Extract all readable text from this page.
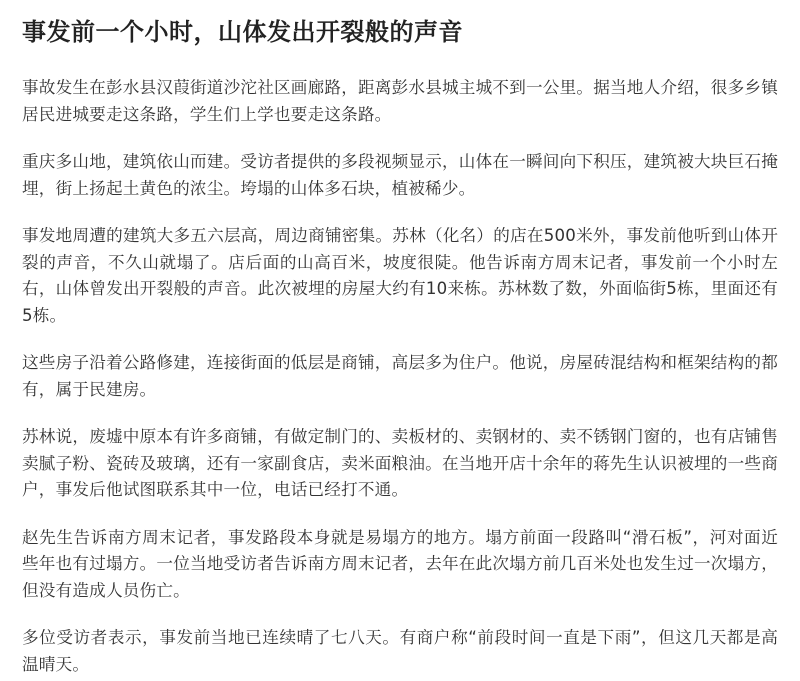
事发前一个小时，山体发出开裂般的声音

事故发生在彭水县汉葭街道沙沱社区画廊路，距离彭水县城主城不到一公里。据当地人介绍，很多乡镇居民进城要走这条路，学生们上学也要走这条路。

重庆多山地，建筑依山而建。受访者提供的多段视频显示，山体在一瞬间向下积压，建筑被大块巨石掩埋，街上扬起土黄色的浓尘。垮塌的山体多石块，植被稀少。

事发地周遭的建筑大多五六层高，周边商铺密集。苏林（化名）的店在500米外，事发前他听到山体开裂的声音，不久山就塌了。店后面的山高百米，坡度很陡。他告诉南方周末记者，事发前一个小时左右，山体曾发出开裂般的声音。此次被埋的房屋大约有10来栋。苏林数了数，外面临街5栋，里面还有5栋。

这些房子沿着公路修建，连接街面的低层是商铺，高层多为住户。他说，房屋砖混结构和框架结构的都有，属于民建房。

苏林说，废墟中原本有许多商铺，有做定制门的、卖板材的、卖钢材的、卖不锈钢门窗的，也有店铺售卖腻子粉、瓷砖及玻璃，还有一家副食店，卖米面粮油。在当地开店十余年的蒋先生认识被埋的一些商户，事发后他试图联系其中一位，电话已经打不通。

赵先生告诉南方周末记者，事发路段本身就是易塌方的地方。塌方前面一段路叫“滑石板”，河对面近些年也有过塌方。一位当地受访者告诉南方周末记者，去年在此次塌方前几百米处也发生过一次塌方，但没有造成人员伤亡。

多位受访者表示，事发前当地已连续晴了七八天。有商户称“前段时间一直是下雨”，但这几天都是高温晴天。
